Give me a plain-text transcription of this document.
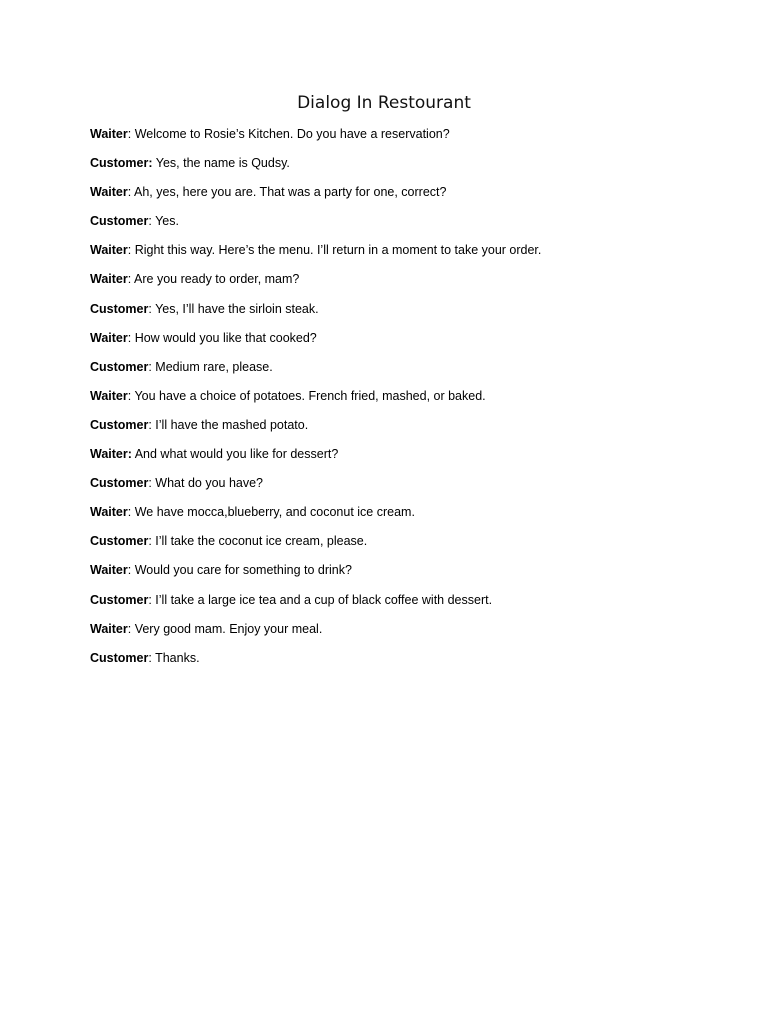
Dialog In Restourant
Waiter: Welcome to Rosie’s Kitchen. Do you have a reservation?
Customer: Yes, the name is Qudsy.
Waiter: Ah, yes, here you are. That was a party for one, correct?
Customer: Yes.
Waiter: Right this way. Here’s the menu. I’ll return in a moment to take your order.
Waiter: Are you ready to order, mam?
Customer: Yes, I’ll have the sirloin steak.
Waiter: How would you like that cooked?
Customer: Medium rare, please.
Waiter: You have a choice of potatoes. French fried, mashed, or baked.
Customer: I’ll have the mashed potato.
Waiter: And what would you like for dessert?
Customer: What do you have?
Waiter: We have mocca,blueberry, and coconut ice cream.
Customer: I’ll take the coconut ice cream, please.
Waiter: Would you care for something to drink?
Customer: I’ll take a large ice tea and a cup of black coffee with dessert.
Waiter: Very good mam. Enjoy your meal.
Customer: Thanks.
